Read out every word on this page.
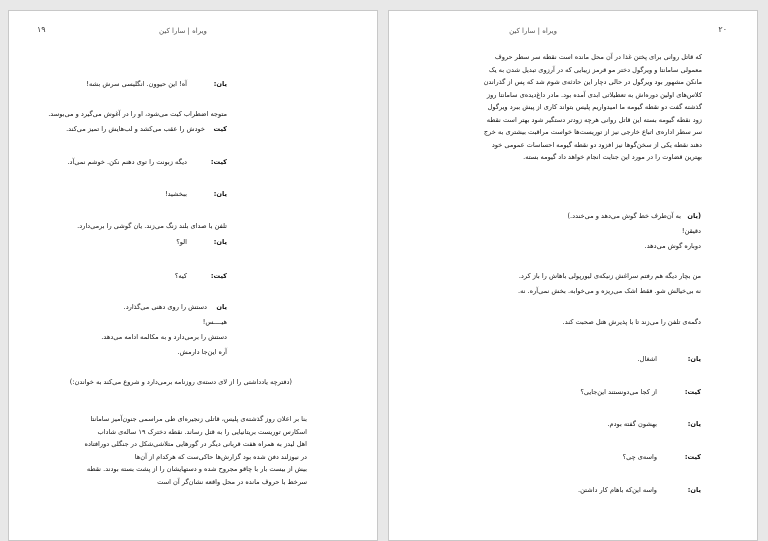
ویراه | سارا کین
۱۹
یان:
آه! این حیوون. انگلیسی سرش بشه!
متوجه اضطراب کیت می‌شود، او را در آغوش می‌گیرد و می‌بوسد.
کیت
خودش را عقب می‌کشد و لب‌هایش را تمیز می‌کند.
کیت:
دیگه زبونت را توی دهنم نکن. خوشم نمی‌آد.
یان:
ببخشید!
تلفن با صدای بلند زنگ می‌زند. یان گوشی را برمی‌دارد.
یان:
الو؟
کیت:
کیه؟
یان
دستش را روی دهنی می‌گذارد.
هیــــس!
دستش را برمی‌دارد و به مکالمه ادامه می‌دهد.
آره این‌جا دارمش.
(دفترچه یادداشتی را از لای دسته‌ی روزنامه برمی‌دارد و شروع می‌کند به خواندن:)
بنا بر اعلان روز گذشته‌ی پلیس، قاتلی زنجیره‌ای طی مراسمی جنون‌آمیز سامانتا
اسکارس توریست بریتانیایی را به قتل رساند. نقطه دخترک ۱۹ ساله‌ی شاداب
اهل لیدز به همراه هفت قربانی دیگر در گورهایی متلاشی‌شکل در جنگلی دورافتاده
در نیوزلند دفن شده بود گزارش‌ها حاکی‌ست که هرکدام از آن‌ها
بیش از بیست بار با چاقو مجروح شده و دستهایشان را از پشت بسته بودند. نقطه
سرخط با حروف مانده در محل واقعه نشان‌گر آن است
ویراه | سارا کین	۲۰
که قاتل روانی برای پختن غذا در آن محل مانده است نقطه سر سطر حروف
معمولی سامانتا و ویرگول دختر مو قرمز زیبایی که در آرزوی تبدیل شدن به یک
مانکن مشهور بود ویرگول در حالی دچار این حادثه‌ی شوم شد که پس از گذراندن
کلاس‌های اولین دوره‌اش به تعطیلاتی ابدی آمده بود. مادر داغ‌دیده‌ی سامانتا روز
گذشته گفت دو نقطه گیومه ما امیدواریم پلیس بتواند کاری از پیش ببرد ویرگول
زود نقطه گیومه بسته این قاتل روانی هرچه زودتر دستگیر شود بهتر است نقطه
سر سطر اداره‌ی اتباع خارجی نیز از توریست‌ها خواست مراقبت بیشتری به خرج
دهند نقطه یکی از سخن‌گوها نیز افزود دو نقطه گیومه احساسات عمومی خود
بهترین قضاوت را در مورد این جنایت انجام خواهد داد گیومه بسته.
(یان
به آن‌طرف خط گوش می‌دهد و می‌خندد.)
دقیقن!
دوباره گوش می‌دهد.
من بچار دیگه هم رفتم سراغش زنیکه‌ی لیورپولی باهاش را باز کرد.
نه بی‌خیالش شو. فقط اشک می‌ریزه و می‌خوابه. بخش نمی‌آره. نه.
دگمه‌ی تلفن را می‌زند تا با پذیرش هتل صحبت کند.
یان:
اشغال.
کیت:
از کجا می‌دونستند این‌جایی؟
یان:
بهشون گفته بودم.
کیت:
واسه‌ی چی؟
یان:
واسه این‌که باهام کار داشتن.
